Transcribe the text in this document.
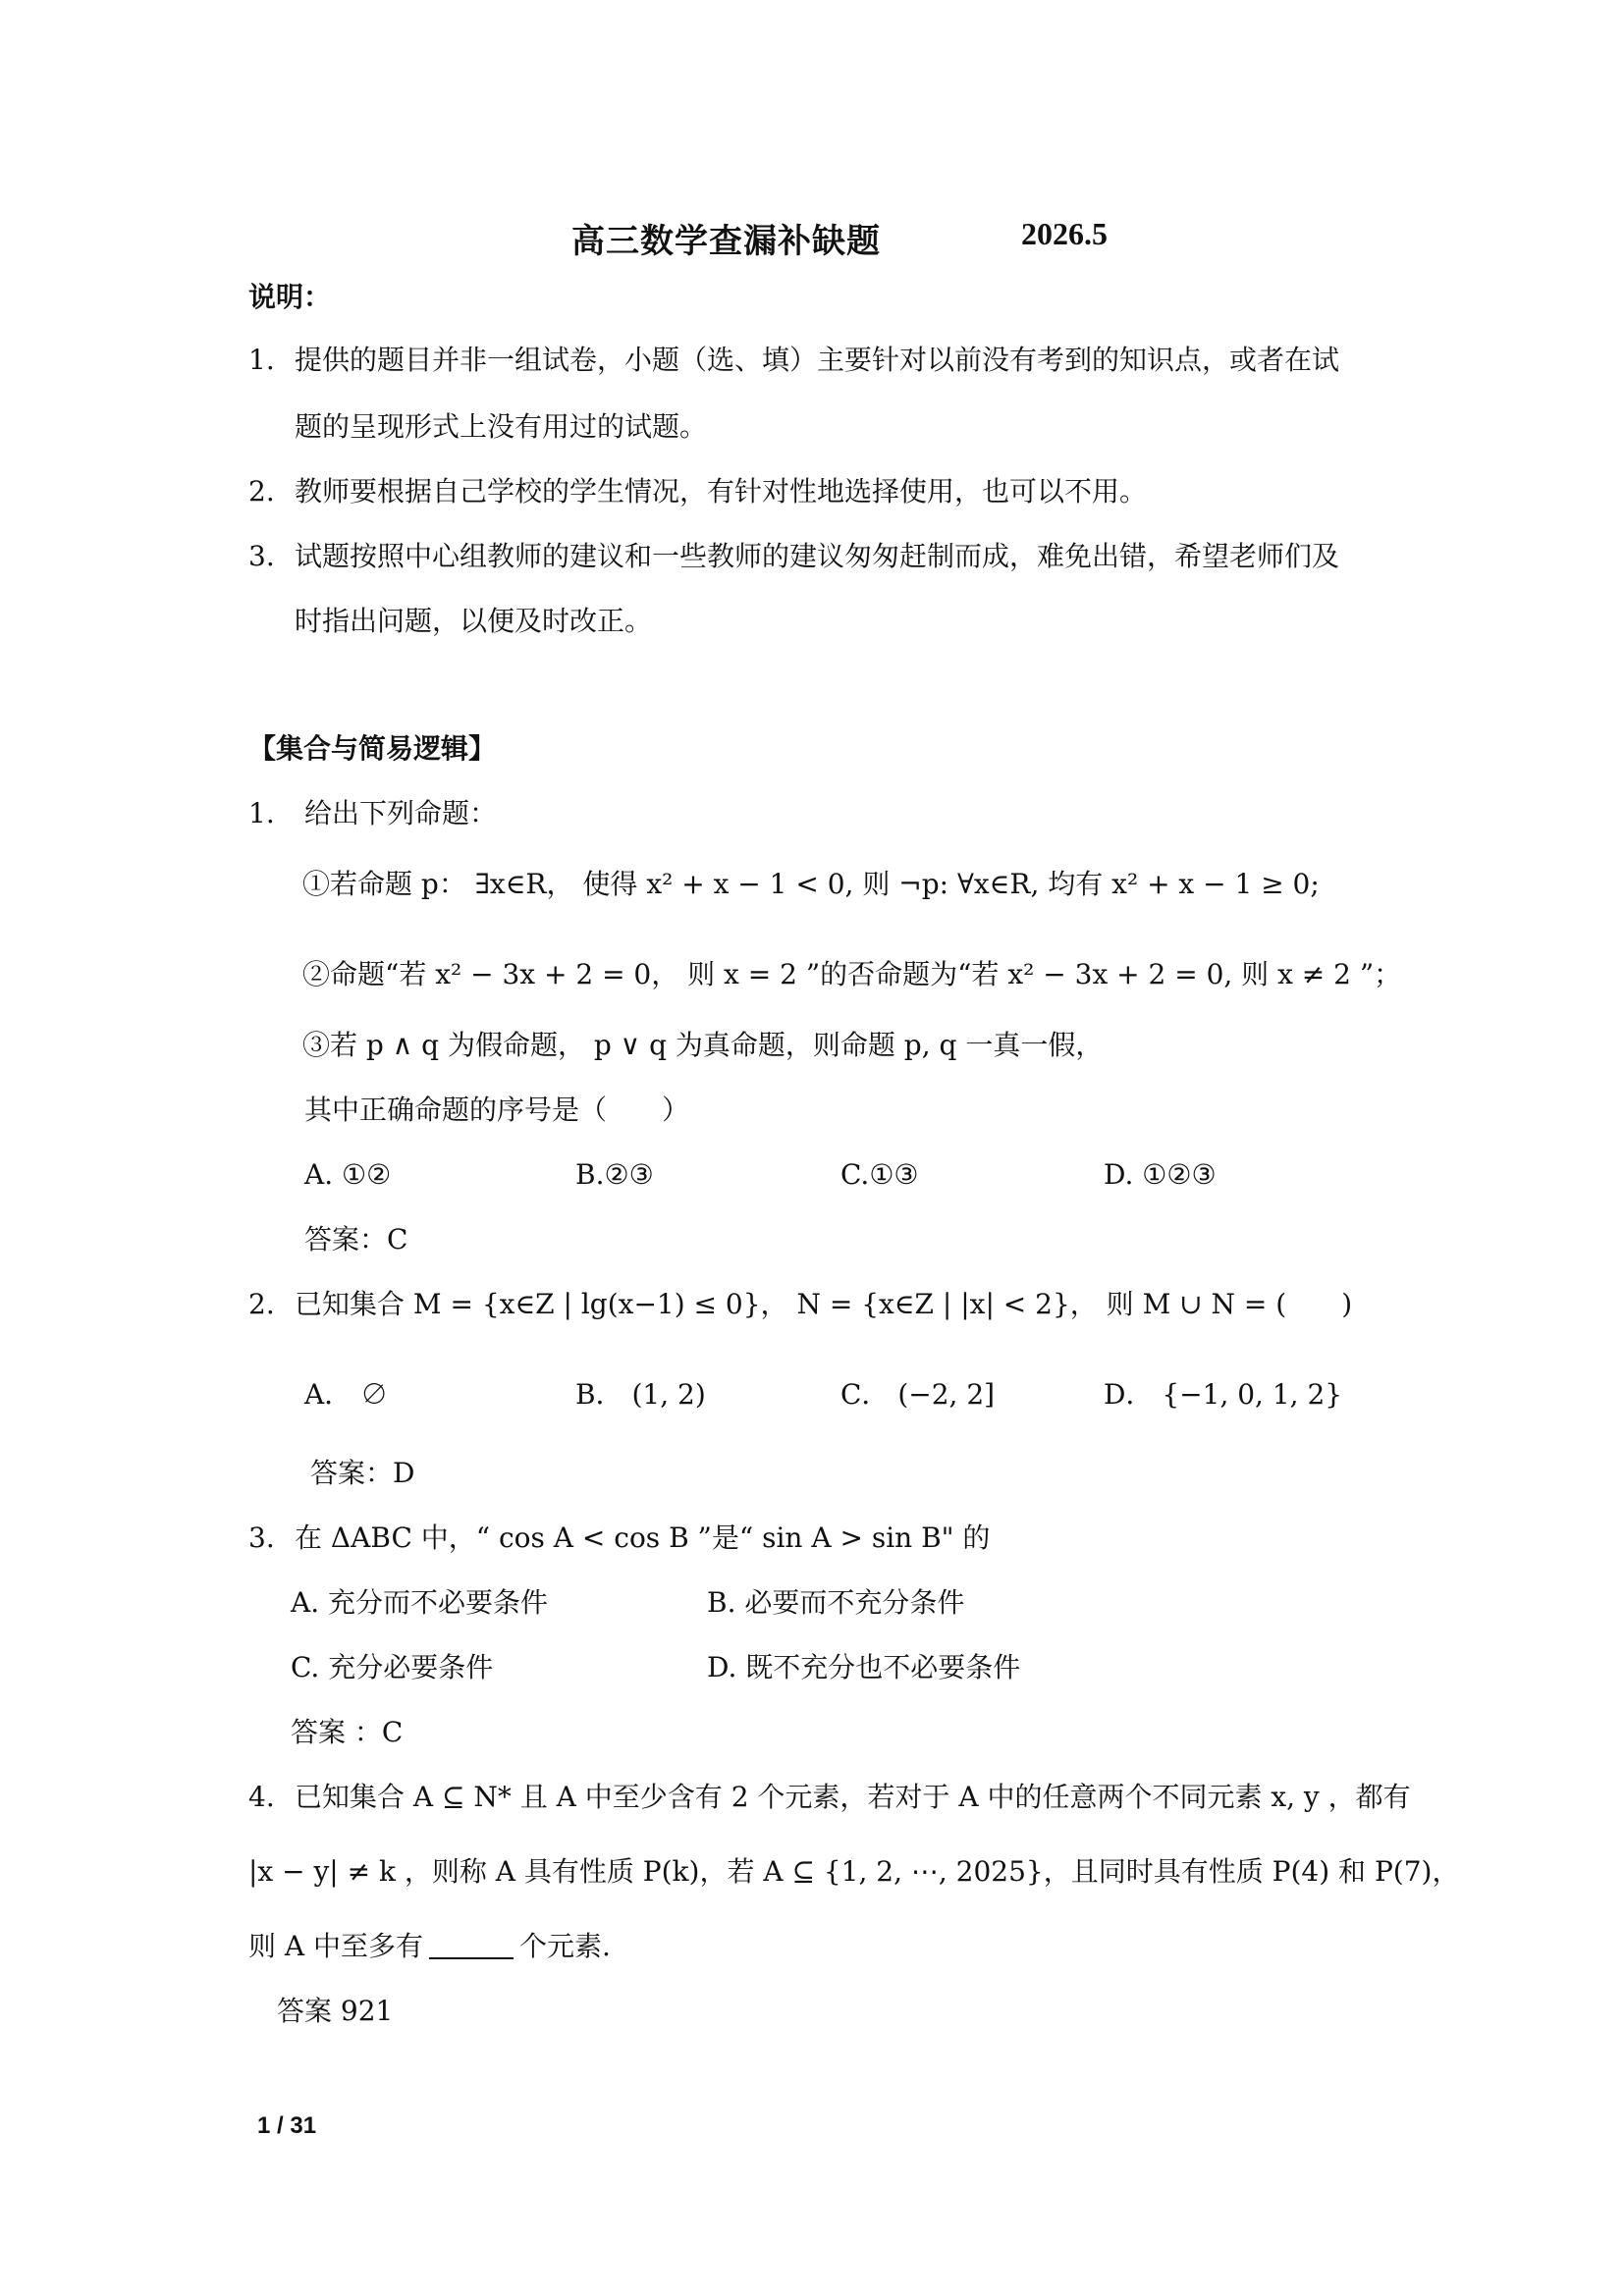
高三数学查漏补缺题	2026.5
说明：
1. 提供的题目并非一组试卷，小题（选、填）主要针对以前没有考到的知识点，或者在试
题的呈现形式上没有用过的试题。
2. 教师要根据自己学校的学生情况，有针对性地选择使用，也可以不用。
3. 试题按照中心组教师的建议和一些教师的建议匆匆赶制而成，难免出错，希望老师们及
时指出问题，以便及时改正。
【集合与简易逻辑】
1. 给出下列命题：
①若命题 p： ∃x∈R， 使得 x² + x − 1 < 0, 则 ¬p: ∀x∈R, 均有 x² + x − 1 ≥ 0;
②命题“若 x² − 3x + 2 = 0， 则 x = 2 ”的否命题为“若 x² − 3x + 2 = 0, 则 x ≠ 2 ”；
③若 p ∧ q 为假命题， p ∨ q 为真命题，则命题 p, q 一真一假，
其中正确命题的序号是（　　）
A. ①②	B.②③	C.①③	D. ①②③
答案：C
2. 已知集合 M = {x∈Z | lg(x−1) ≤ 0}， N = {x∈Z | |x| < 2}， 则 M ∪ N = (　　)
A． ∅	B． (1, 2)	C． (−2, 2]	D． {−1, 0, 1, 2}
答案：D
3. 在 ΔABC 中，“ cos A < cos B ”是“ sin A > sin B" 的
A. 充分而不必要条件	B. 必要而不充分条件
C. 充分必要条件	D. 既不充分也不必要条件
答案 ：C
4. 已知集合 A ⊆ N* 且 A 中至少含有 2 个元素，若对于 A 中的任意两个不同元素 x, y ，都有
|x − y| ≠ k ，则称 A 具有性质 P(k)，若 A ⊆ {1, 2, ⋯, 2025}，且同时具有性质 P(4) 和 P(7)，
则 A 中至多有	个元素.
答案 921
1 / 31
